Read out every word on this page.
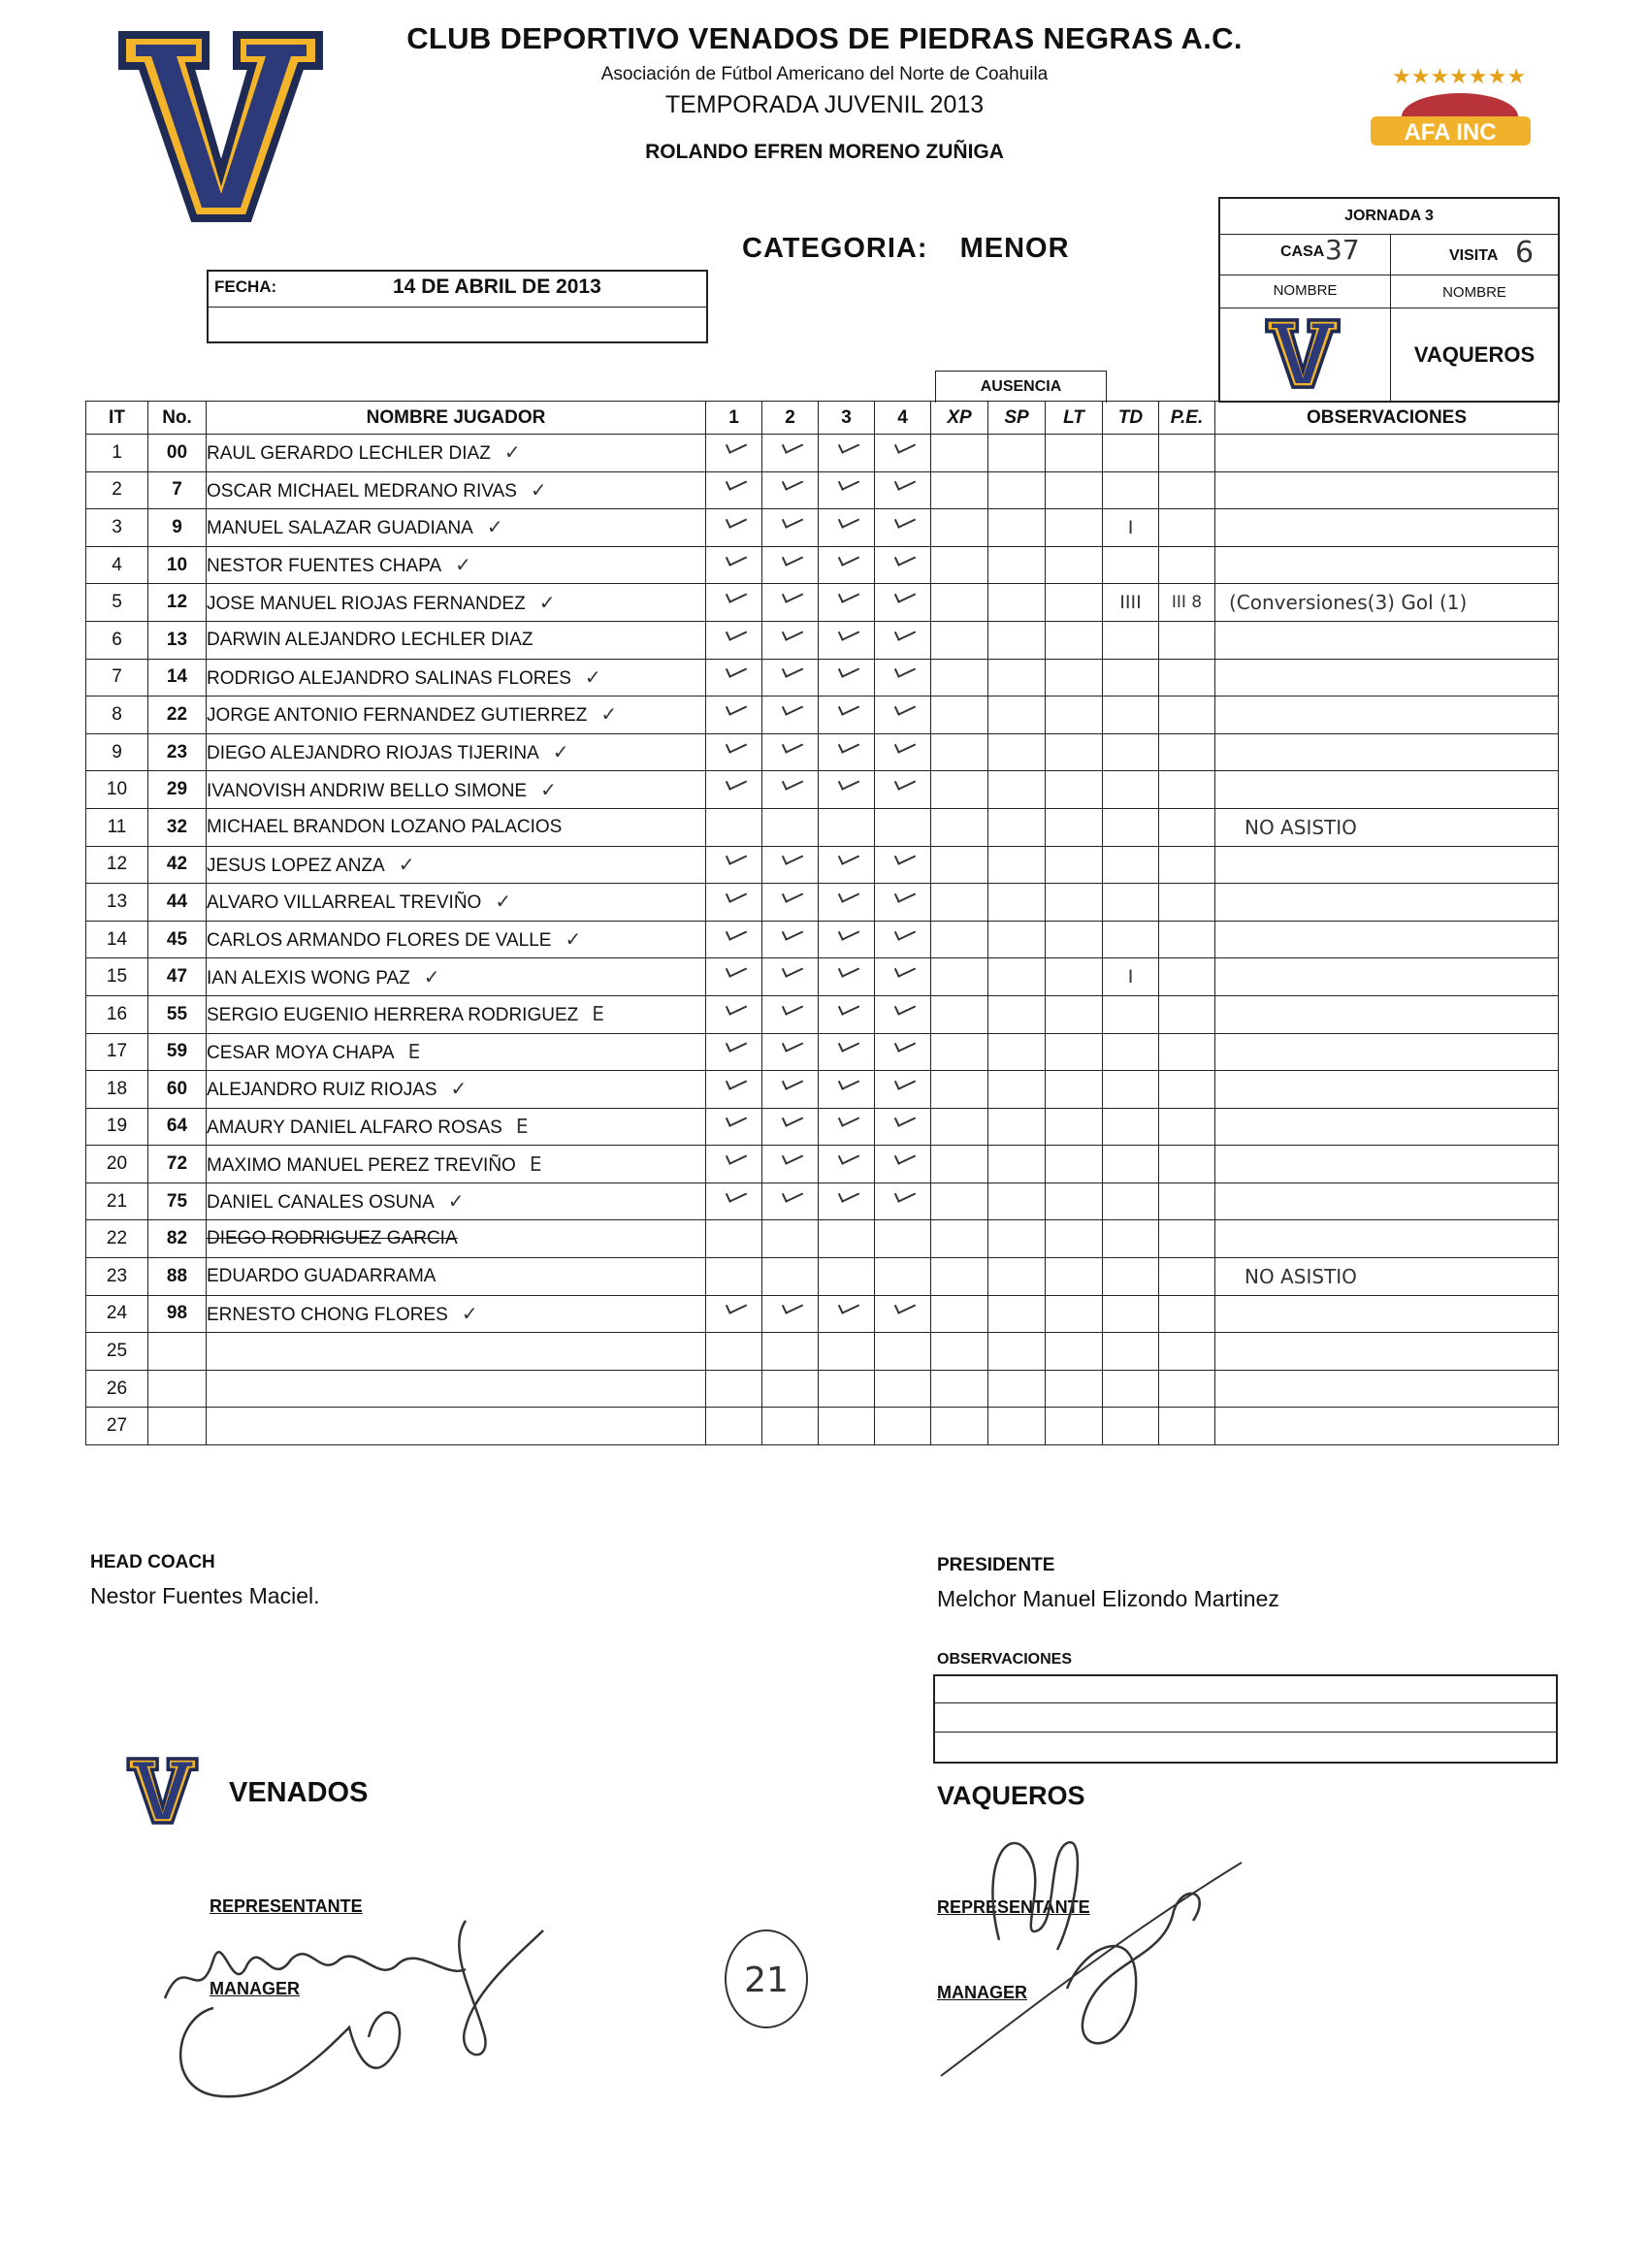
CLUB DEPORTIVO VENADOS DE PIEDRAS NEGRAS A.C.
Asociación de Fútbol Americano del Norte de Coahuila
TEMPORADA JUVENIL 2013
ROLANDO EFREN MORENO ZUÑIGA
★★★★★★★
AFA INC
CATEGORIA: MENOR
FECHA:	14 DE ABRIL DE 2013
JORNADA 3
CASA 37	VISITA 6
NOMBRE	NOMBRE
VAQUEROS
AUSENCIA
IT	No.	NOMBRE JUGADOR	1	2	3	4	XP	SP	LT	TD	P.E.	OBSERVACIONES
1	00	RAUL GERARDO LECHLER DIAZ ✓										
2	7	OSCAR MICHAEL MEDRANO RIVAS ✓										
3	9	MANUEL SALAZAR GUADIANA ✓								I		
4	10	NESTOR FUENTES CHAPA ✓										
5	12	JOSE MANUEL RIOJAS FERNANDEZ ✓								IIII	III 8	(Conversiones(3) Gol (1)
6	13	DARWIN ALEJANDRO LECHLER DIAZ										
7	14	RODRIGO ALEJANDRO SALINAS FLORES ✓										
8	22	JORGE ANTONIO FERNANDEZ GUTIERREZ ✓										
9	23	DIEGO ALEJANDRO RIOJAS TIJERINA ✓										
10	29	IVANOVISH ANDRIW BELLO SIMONE ✓										
11	32	MICHAEL BRANDON LOZANO PALACIOS										NO ASISTIO
12	42	JESUS LOPEZ ANZA ✓										
13	44	ALVARO VILLARREAL TREVIÑO ✓										
14	45	CARLOS ARMANDO FLORES DE VALLE ✓										
15	47	IAN ALEXIS WONG PAZ ✓								I		
16	55	SERGIO EUGENIO HERRERA RODRIGUEZ E										
17	59	CESAR MOYA CHAPA E										
18	60	ALEJANDRO RUIZ RIOJAS ✓										
19	64	AMAURY DANIEL ALFARO ROSAS E										
20	72	MAXIMO MANUEL PEREZ TREVIÑO E										
21	75	DANIEL CANALES OSUNA ✓										
22	82	DIEGO RODRIGUEZ GARCIA										
23	88	EDUARDO GUADARRAMA										NO ASISTIO
24	98	ERNESTO CHONG FLORES ✓										
25												
26												
27												
HEAD COACH
Nestor Fuentes Maciel.
PRESIDENTE
Melchor Manuel Elizondo Martinez
OBSERVACIONES
VENADOS	VAQUEROS
REPRESENTANTE
MANAGER
REPRESENTANTE
MANAGER
21
